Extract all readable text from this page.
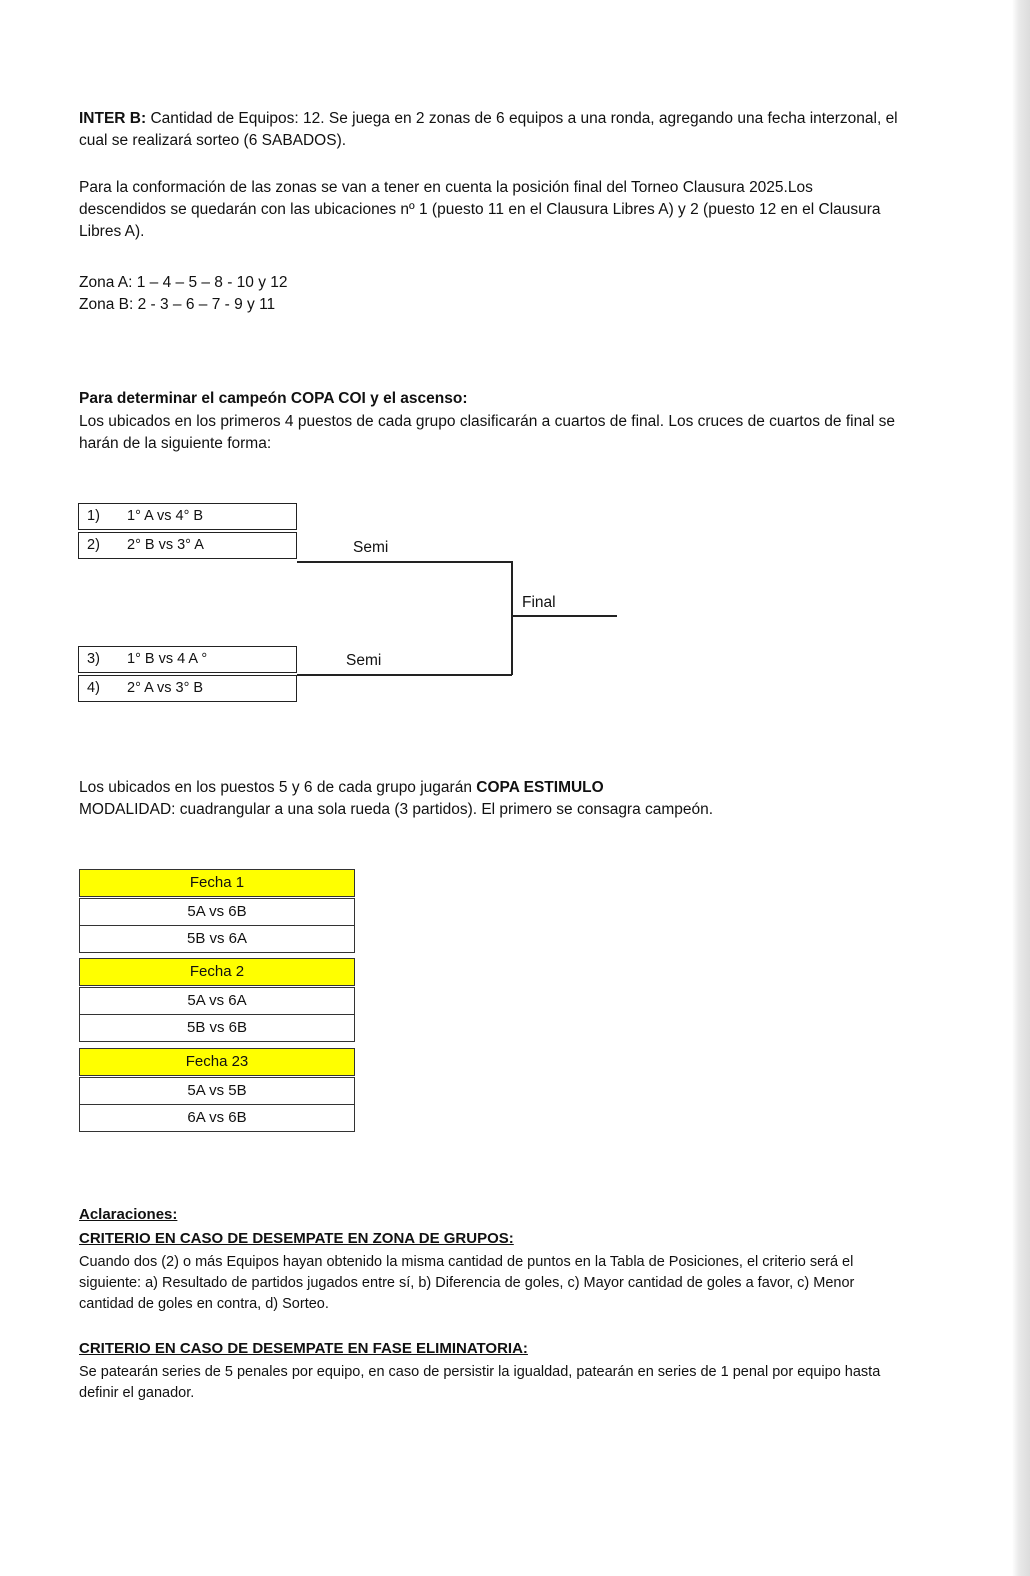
INTER B: Cantidad de Equipos: 12. Se juega en 2 zonas de 6 equipos a una ronda, agregando una fecha interzonal, el cual se realizará sorteo (6 SABADOS).

Para la conformación de las zonas se van a tener en cuenta la posición final del Torneo Clausura 2025.Los descendidos se quedarán con las ubicaciones nº 1 (puesto 11 en el Clausura Libres A) y 2 (puesto 12 en el Clausura Libres A).

Zona A: 1 – 4 – 5 – 8 - 10 y 12

Zona B: 2 - 3 – 6 – 7 - 9 y 11

Para determinar el campeón COPA COI y el ascenso:

Los ubicados en los primeros 4 puestos de cada grupo clasificarán a cuartos de final. Los cruces de cuartos de final se harán de la siguiente forma:

1) 1° A vs 4° B
2) 2° B vs 3° A
3) 1° B vs 4 A °
4) 2° A vs 3° B
Semi
Semi
Final

Los ubicados en los puestos 5 y 6 de cada grupo jugarán COPA ESTIMULO

MODALIDAD: cuadrangular a una sola rueda (3 partidos). El primero se consagra campeón.

Fecha 1
5A vs 6B
5B vs 6A
Fecha 2
5A vs 6A
5B vs 6B
Fecha 23
5A vs 5B
6A vs 6B

Aclaraciones:

CRITERIO EN CASO DE DESEMPATE EN ZONA DE GRUPOS:

Cuando dos (2) o más Equipos hayan obtenido la misma cantidad de puntos en la Tabla de Posiciones, el criterio será el siguiente: a) Resultado de partidos jugados entre sí, b) Diferencia de goles, c) Mayor cantidad de goles a favor, c) Menor cantidad de goles en contra, d) Sorteo.

CRITERIO EN CASO DE DESEMPATE EN FASE ELIMINATORIA:

Se patearán series de 5 penales por equipo, en caso de persistir la igualdad, patearán en series de 1 penal por equipo hasta definir el ganador.
